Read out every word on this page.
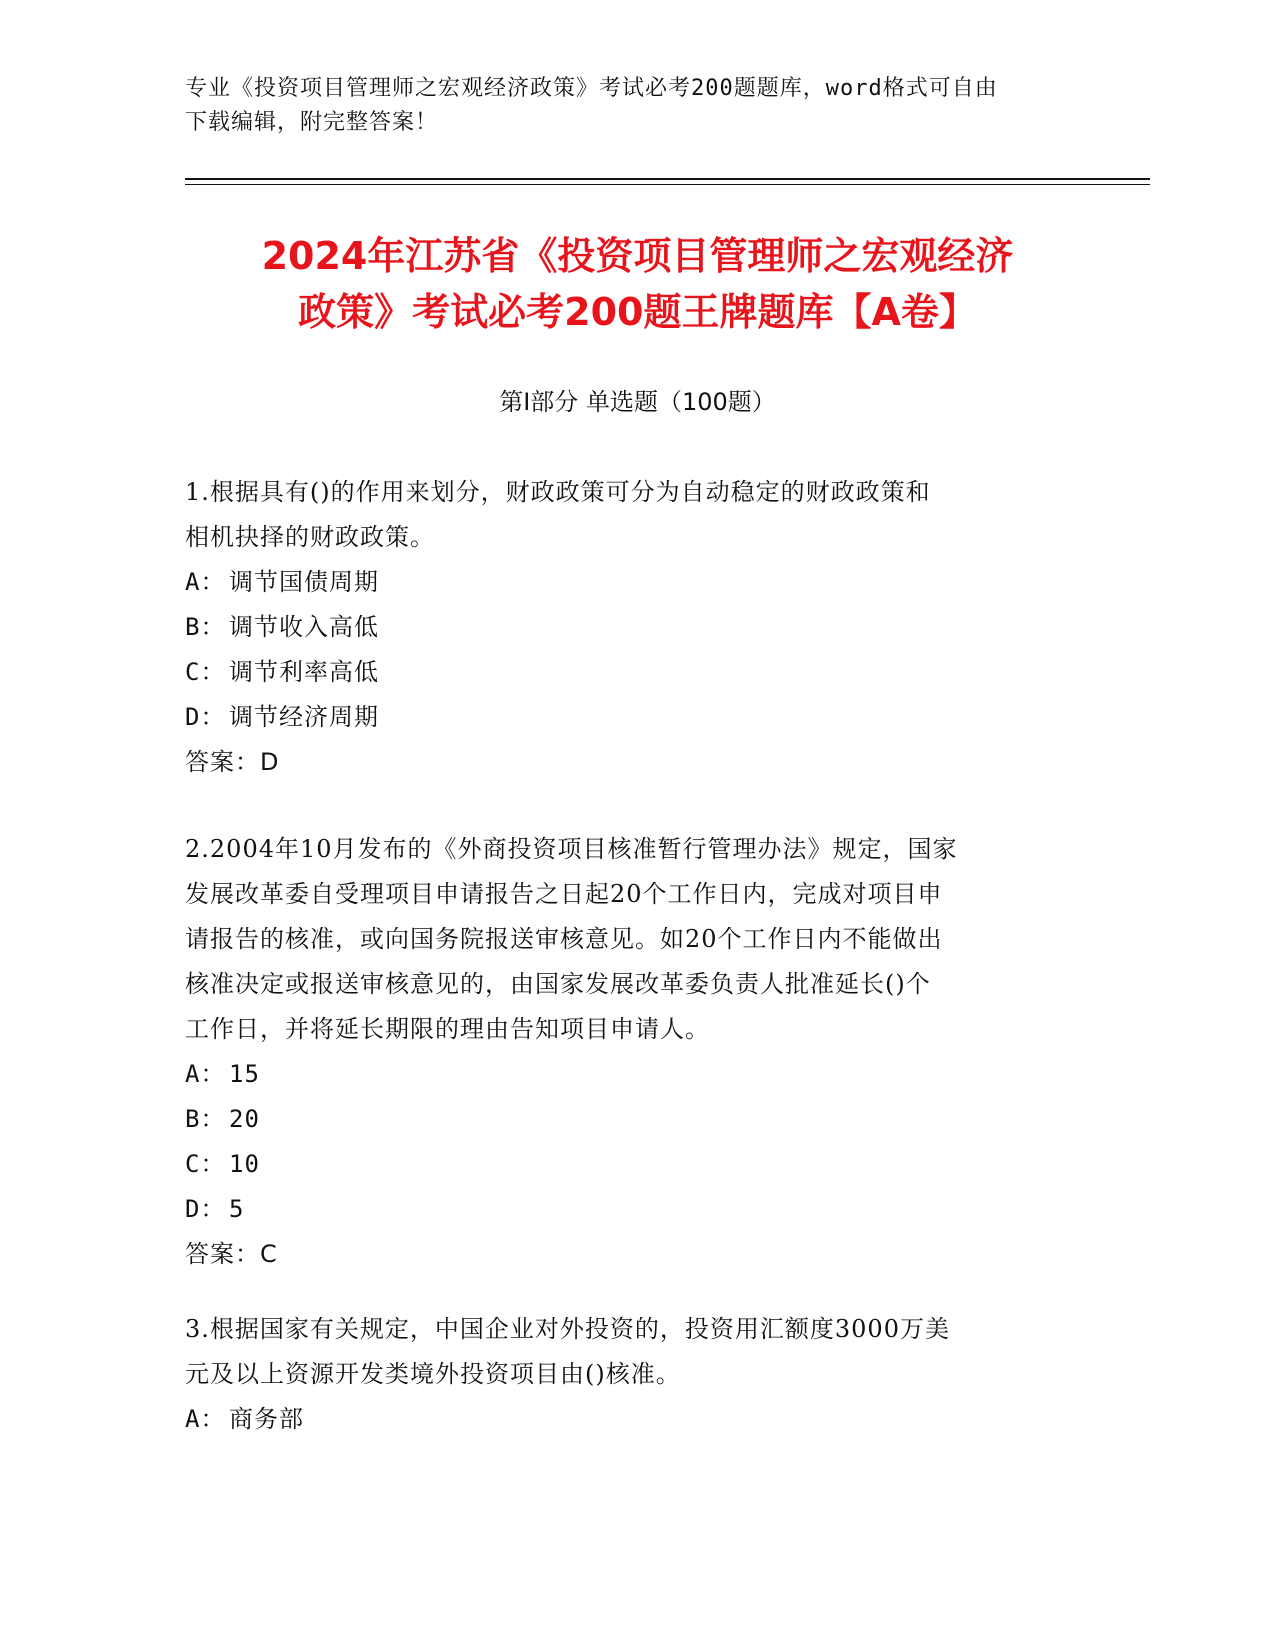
专业《投资项目管理师之宏观经济政策》考试必考200题题库，word格式可自由
下载编辑，附完整答案！
2024年江苏省《投资项目管理师之宏观经济
政策》考试必考200题王牌题库【A卷】
第Ⅰ部分 单选题（100题）

1.根据具有()的作用来划分，财政政策可分为自动稳定的财政政策和

相机抉择的财政政策。

A： 调节国债周期

B： 调节收入高低

C： 调节利率高低

D： 调节经济周期

答案：D

2.2004年10月发布的《外商投资项目核准暂行管理办法》规定，国家

发展改革委自受理项目申请报告之日起20个工作日内，完成对项目申

请报告的核准，或向国务院报送审核意见。如20个工作日内不能做出

核准决定或报送审核意见的，由国家发展改革委负责人批准延长()个

工作日，并将延长期限的理由告知项目申请人。

A： 15

B： 20

C： 10

D： 5

答案：C

3.根据国家有关规定，中国企业对外投资的，投资用汇额度3000万美

元及以上资源开发类境外投资项目由()核准。

A： 商务部
